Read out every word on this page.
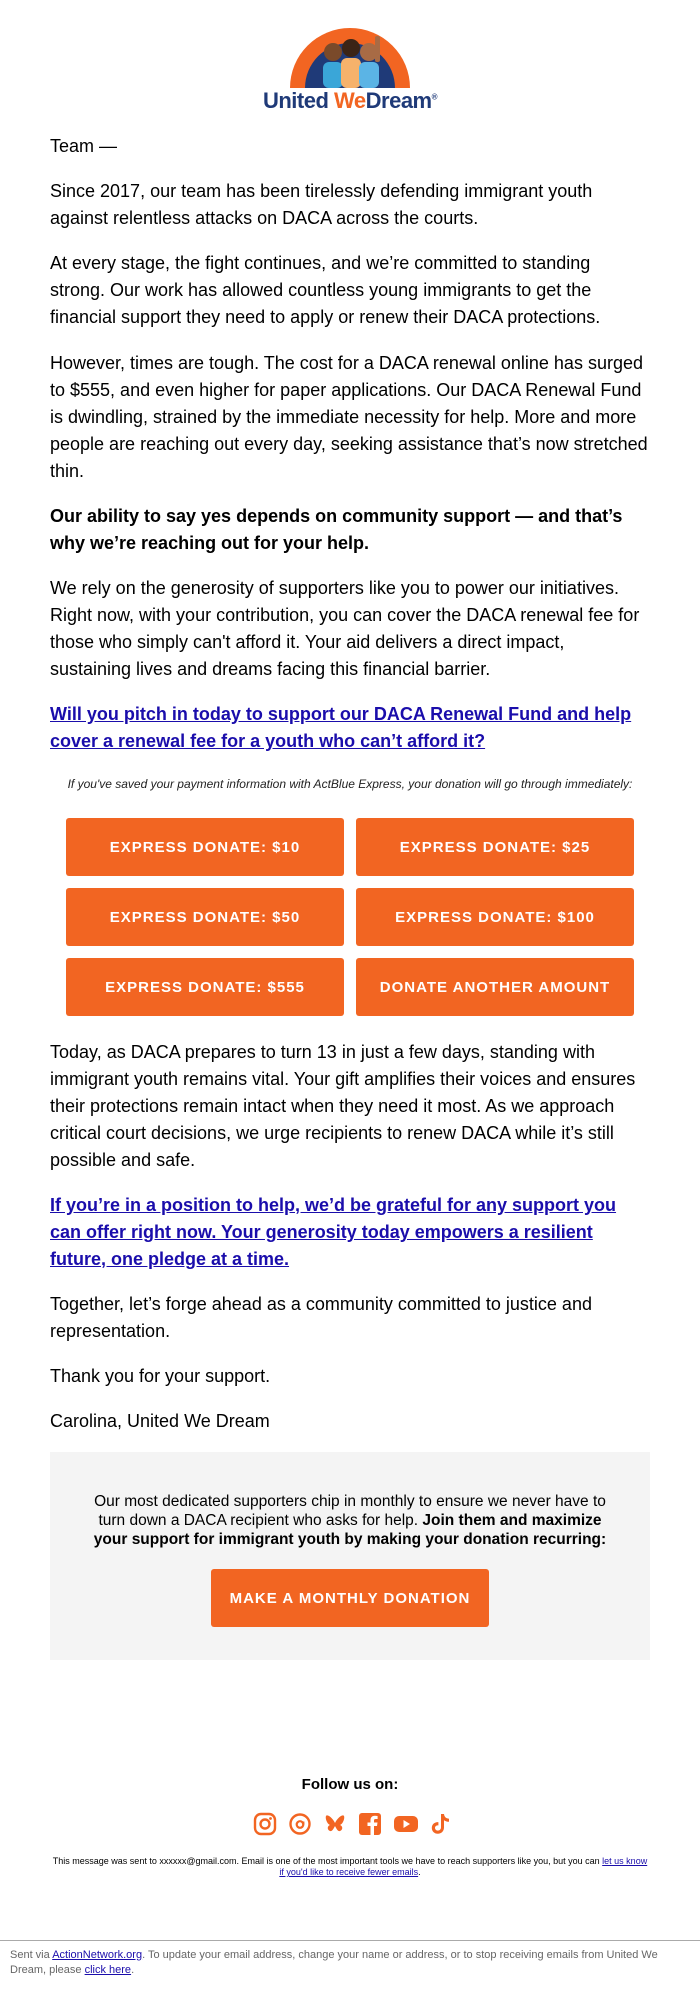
United WeDream®

Team —

Since 2017, our team has been tirelessly defending immigrant youth against relentless attacks on DACA across the courts.

At every stage, the fight continues, and we’re committed to standing strong. Our work has allowed countless young immigrants to get the financial support they need to apply or renew their DACA protections.

However, times are tough. The cost for a DACA renewal online has surged to $555, and even higher for paper applications. Our DACA Renewal Fund is dwindling, strained by the immediate necessity for help. More and more people are reaching out every day, seeking assistance that’s now stretched thin.

Our ability to say yes depends on community support — and that’s why we’re reaching out for your help.

We rely on the generosity of supporters like you to power our initiatives. Right now, with your contribution, you can cover the DACA renewal fee for those who simply can't afford it. Your aid delivers a direct impact, sustaining lives and dreams facing this financial barrier.

Will you pitch in today to support our DACA Renewal Fund and help cover a renewal fee for a youth who can’t afford it?

If you've saved your payment information with ActBlue Express, your donation will go through immediately:
EXPRESS DONATE: $10	EXPRESS DONATE: $25
EXPRESS DONATE: $50	EXPRESS DONATE: $100
EXPRESS DONATE: $555	DONATE ANOTHER AMOUNT

Today, as DACA prepares to turn 13 in just a few days, standing with immigrant youth remains vital. Your gift amplifies their voices and ensures their protections remain intact when they need it most. As we approach critical court decisions, we urge recipients to renew DACA while it’s still possible and safe.

If you’re in a position to help, we’d be grateful for any support you can offer right now. Your generosity today empowers a resilient future, one pledge at a time.

Together, let’s forge ahead as a community committed to justice and representation.

Thank you for your support.

Carolina, United We Dream

Our most dedicated supporters chip in monthly to ensure we never have to turn down a DACA recipient who asks for help. Join them and maximize your support for immigrant youth by making your donation recurring:
MAKE A MONTHLY DONATION
Follow us on:
This message was sent to xxxxxx@gmail.com. Email is one of the most important tools we have to reach supporters like you, but you can let us know if you'd like to receive fewer emails.
Sent via ActionNetwork.org. To update your email address, change your name or address, or to stop receiving emails from United We Dream, please click here.
